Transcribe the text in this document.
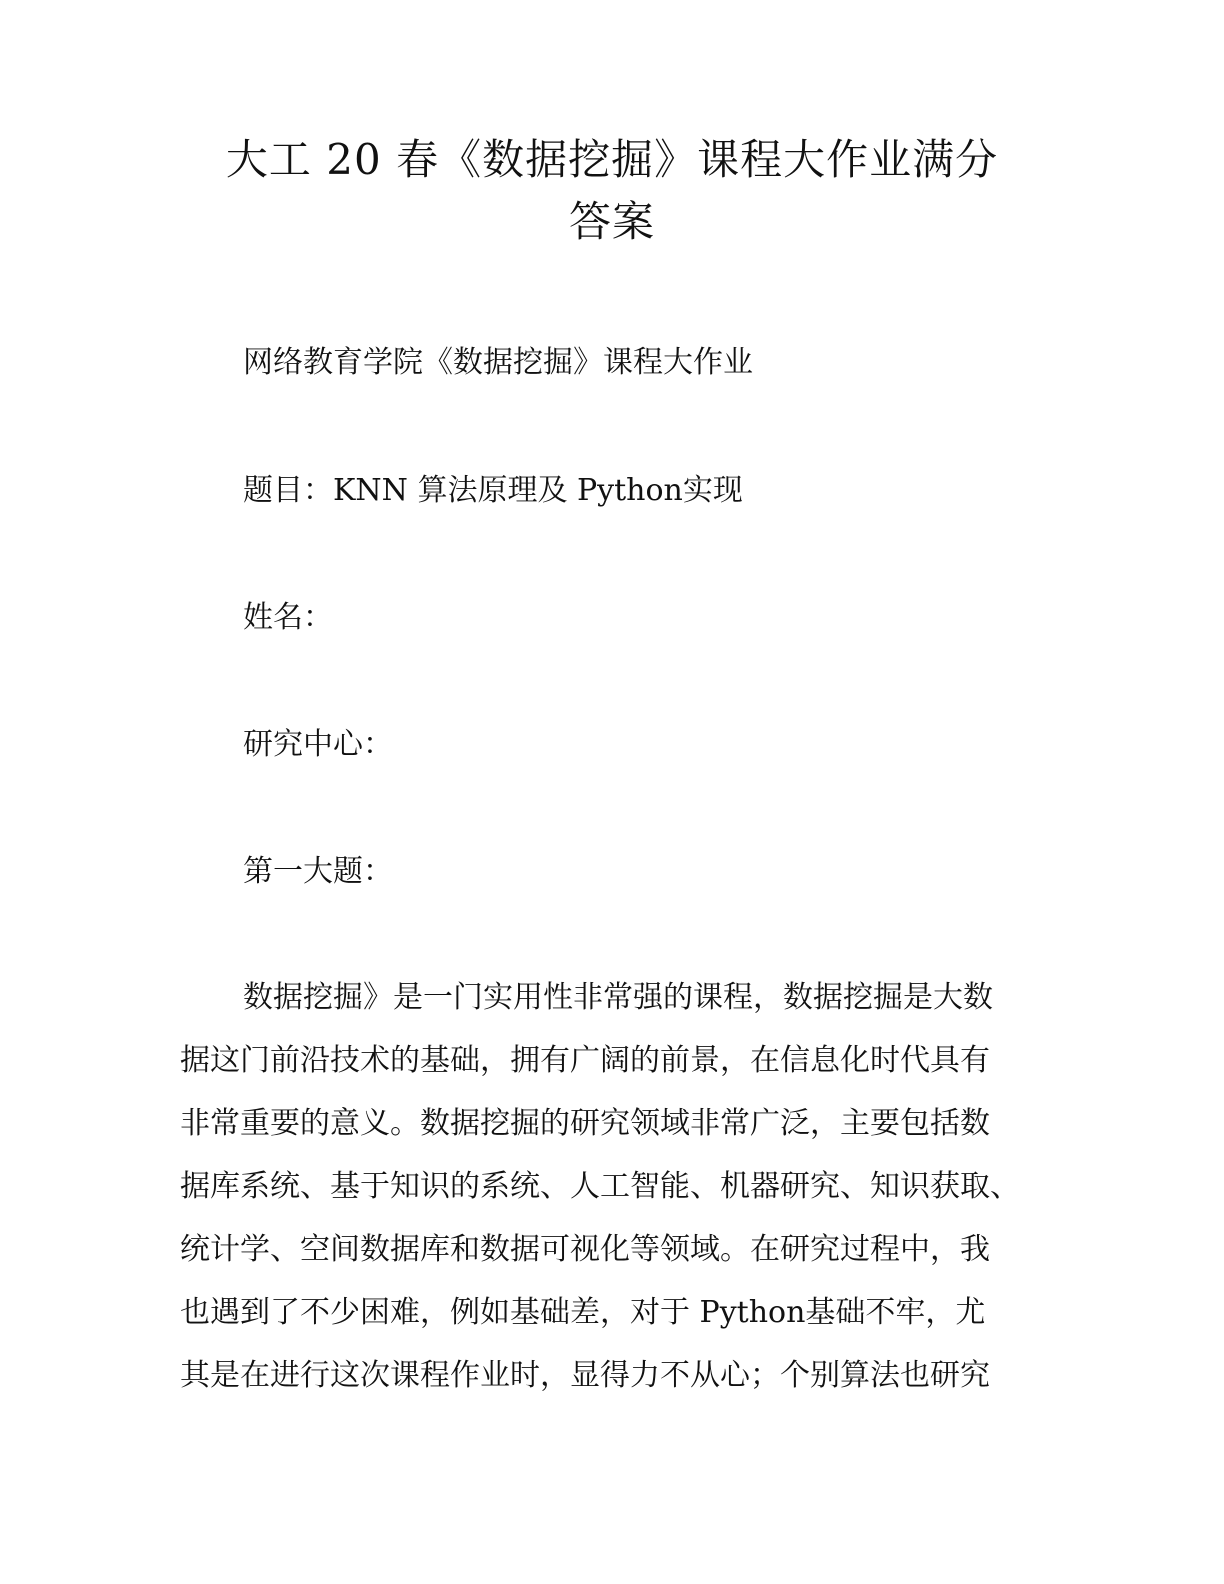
大工 20 春《数据挖掘》课程大作业满分
答案
网络教育学院《数据挖掘》课程大作业
题目：KNN 算法原理及 Python实现
姓名：
研究中心：
第一大题：
数据挖掘》是一门实用性非常强的课程，数据挖掘是大数
据这门前沿技术的基础，拥有广阔的前景，在信息化时代具有
非常重要的意义。数据挖掘的研究领域非常广泛，主要包括数
据库系统、基于知识的系统、人工智能、机器研究、知识获取、
统计学、空间数据库和数据可视化等领域。在研究过程中，我
也遇到了不少困难，例如基础差，对于 Python基础不牢，尤
其是在进行这次课程作业时，显得力不从心；个别算法也研究
